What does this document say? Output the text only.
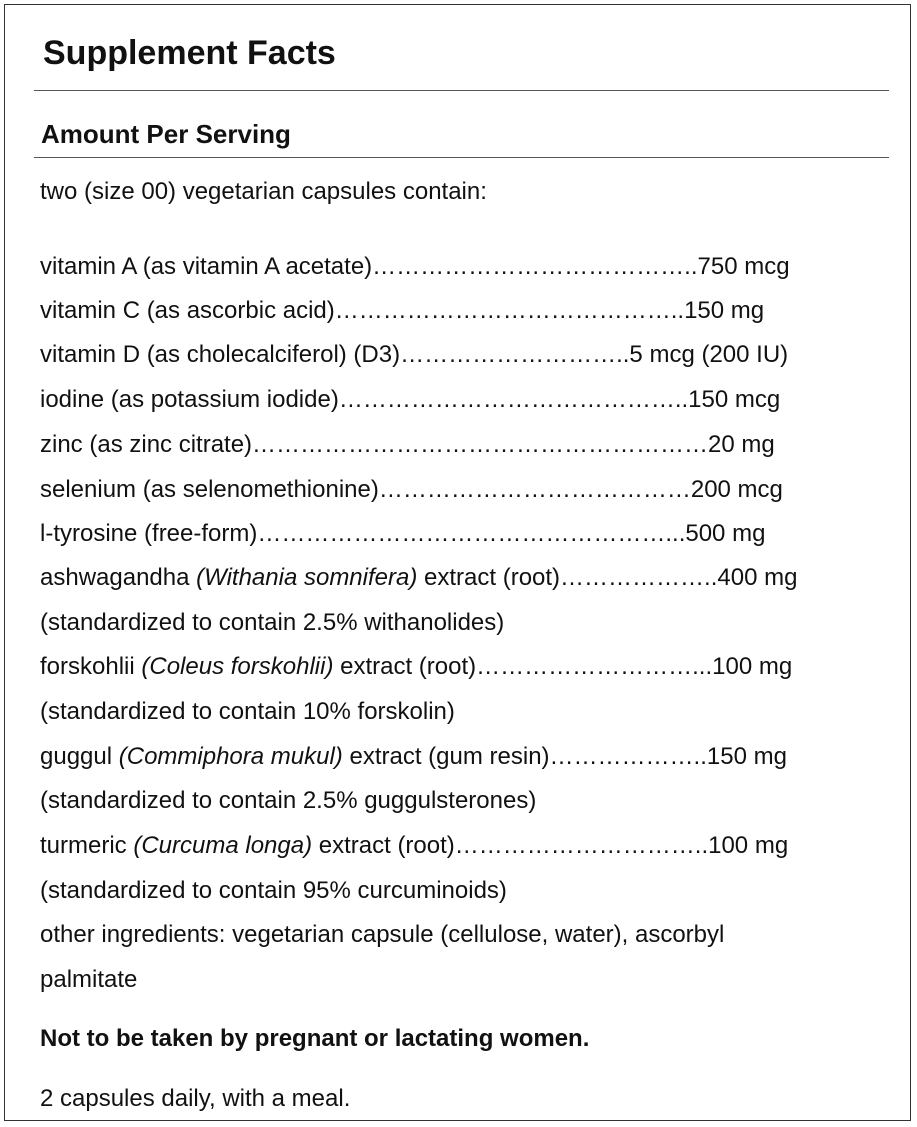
Supplement Facts
Amount Per Serving
two (size 00) vegetarian capsules contain:
vitamin A (as vitamin A acetate)…………………………………..750 mcg
vitamin C (as ascorbic acid)……………………………………..150 mg
vitamin D (as cholecalciferol) (D3)………………………..5 mcg (200 IU)
iodine (as potassium iodide)……………………………………..150 mcg
zinc (as zinc citrate)…………………………………………………20 mg
selenium (as selenomethionine)…………………………………200 mcg
l-tyrosine (free-form)……………………………………………...500 mg
ashwagandha (Withania somnifera) extract (root)………………..400 mg
(standardized to contain 2.5% withanolides)
forskohlii (Coleus forskohlii) extract (root)………………………...100 mg
(standardized to contain 10% forskolin)
guggul (Commiphora mukul) extract (gum resin)………………..150 mg
(standardized to contain 2.5% guggulsterones)
turmeric (Curcuma longa) extract (root)…………………………..100 mg
(standardized to contain 95% curcuminoids)
other ingredients: vegetarian capsule (cellulose, water), ascorbyl
palmitate
Not to be taken by pregnant or lactating women.
2 capsules daily, with a meal.
